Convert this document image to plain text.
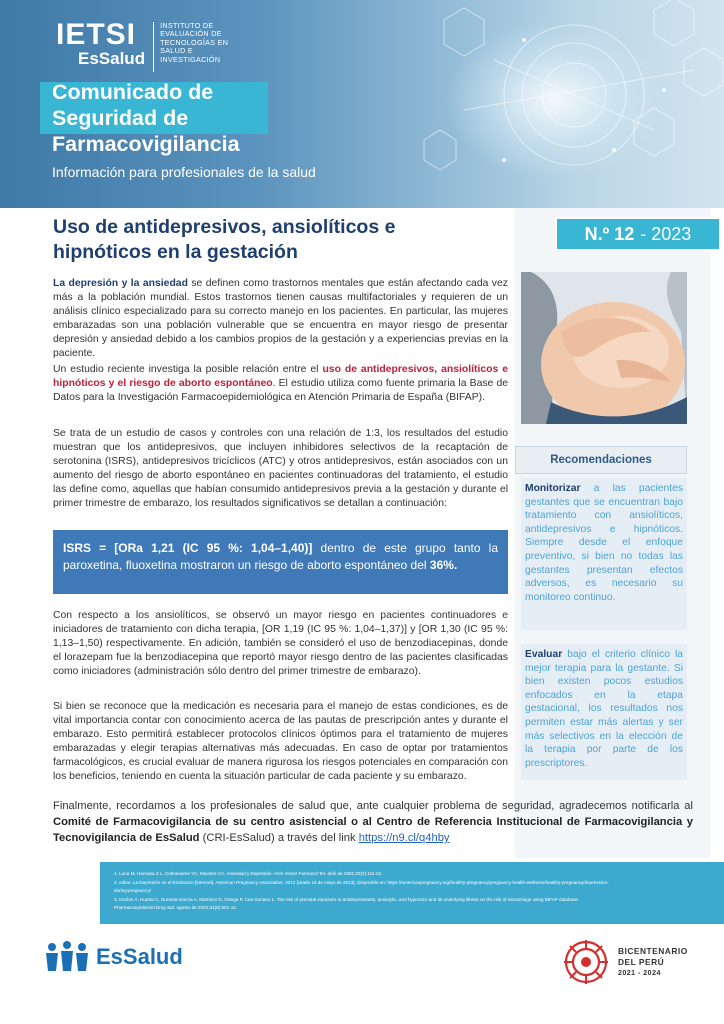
IETSI
EsSalud
INSTITUTO DE
EVALUACIÓN DE
TECNOLOGÍAS EN
SALUD E
INVESTIGACIÓN
Comunicado de
Seguridad de
Farmacovigilancia
Información para profesionales de la salud
Uso de antidepresivos, ansiolíticos e hipnóticos en la gestación
N.º 12 - 2023
La depresión y la ansiedad se definen como trastornos mentales que están afectando cada vez más a la población mundial. Estos trastornos tienen causas multifactoriales y requieren de un análisis clínico especializado para su correcto manejo en los pacientes. En particular, las mujeres embarazadas son una población vulnerable que se encuentra en mayor riesgo de presentar depresión y ansiedad debido a los cambios propios de la gestación y a experiencias previas en la paciente.
Un estudio reciente investiga la posible relación entre el uso de antidepresivos, ansiolíticos e hipnóticos y el riesgo de aborto espontáneo. El estudio utiliza como fuente primaria la Base de Datos para la Investigación Farmacoepidemiológica en Atención Primaria de España (BIFAP).
Se trata de un estudio de casos y controles con una relación de 1:3, los resultados del estudio muestran que los antidepresivos, que incluyen inhibidores selectivos de la recaptación de serotonina (ISRS), antidepresivos tricíclicos (ATC) y otros antidepresivos, están asociados con un aumento del riesgo de aborto espontáneo en pacientes continuadoras del tratamiento, el estudio las define como, aquellas que habían consumido antidepresivos previa a la gestación y durante el primer trimestre de embarazo, los resultados significativos se detallan a continuación:
ISRS = [ORa 1,21 (IC 95 %: 1,04–1,40)] dentro de este grupo tanto la paroxetina, fluoxetina mostraron un riesgo de aborto espontáneo del 36%.
Con respecto a los ansiolíticos, se observó un mayor riesgo en pacientes continuadores e iniciadores de tratamiento con dicha terapia, [OR 1,19 (IC 95 %: 1,04–1,37)] y [OR 1,30 (IC 95 %: 1,13–1,50) respectivamente. En adición, también se consideró el uso de benzodiacepinas, donde el lorazepam fue la benzodiacepina que reportó mayor riesgo dentro de las pacientes clasificadas como iniciadores (administración sólo dentro del primer trimestre de embarazo).
Si bien se reconoce que la medicación es necesaria para el manejo de estas condiciones, es de vital importancia contar con conocimiento acerca de las pautas de prescripción antes y durante el embarazo. Esto permitirá establecer protocolos clínicos óptimos para el tratamiento de mujeres embarazadas y elegir terapias alternativas más adecuadas. En caso de optar por tratamientos farmacológicos, es crucial evaluar de manera rigurosa los riesgos potenciales en comparación con los beneficios, teniendo en cuenta la situación particular de cada paciente y su embarazo.
Recomendaciones
Monitorizar a las pacientes gestantes que se encuentran bajo tratamiento con ansiolíticos, antidepresivos e hipnóticos. Siempre desde el enfoque preventivo, si bien no todas las gestantes presentan efectos adversos, es necesario su monitoreo continuo.
Evaluar bajo el criterio clínico la mejor terapia para la gestante. Si bien existen pocos estudios enfocados en la etapa gestacional, los resultados nos permiten estar más alertas y ser más selectivos en la elección de la terapia por parte de los prescriptores.
Finalmente, recordamos a los profesionales de salud que, ante cualquier problema de seguridad, agradecemos notificarla al Comité de Farmacovigilancia de su centro asistencial o al Centro de Referencia Institucional de Farmacovigilancia y Tecnovigilancia de EsSalud (CRI-EsSalud) a través del link https://n9.cl/q4hby
1. Luna M, Harnana Z L, Colmenares YC, Maestre CA. Ansiedad y Depresión. Arch Venez Farmacol Ter. abril de 2001;20(2):111-22.
2. editor. La Depresión en el Embarazo [Internet]. American Pregnancy Association. 2012 [citado 16 de mayo de 2023]. Disponible en: https://americanpregnancy.org/healthy-pregnancy/pregnancy-health-wellness/healthy-pregnancy/depression-
during-pregnancy/
3. Köchin Á, Huerta C, Durenta-García A, Martínez D, Ortega P, Cea-Soriano L. The risk of prenatal exposure to antidepressants, anxiolytic, and hypnotics and its underlying illness on the risk of miscarriage using BIFAP database.
Pharmacoepidemiol Drug Saf. agosto de 2022;31(8):801-12.
EsSalud	BICENTENARIO
DEL PERÚ
2021 - 2024
